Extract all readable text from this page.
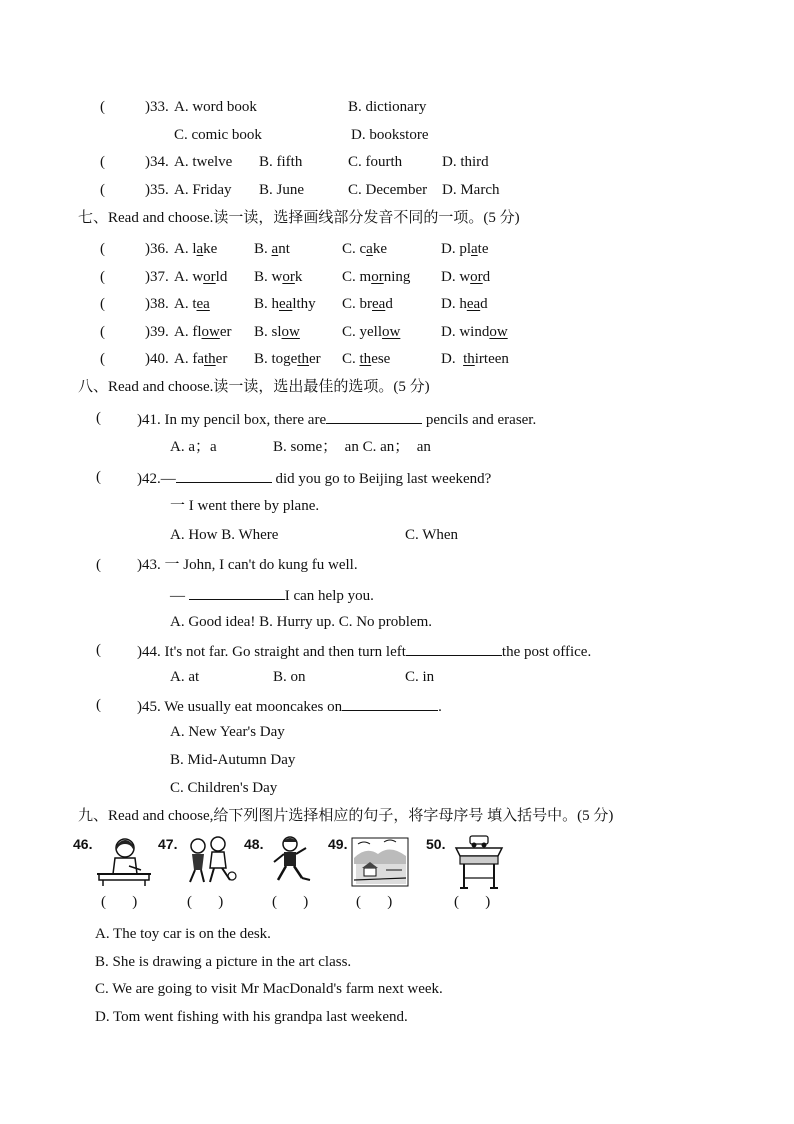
(	)33. A. word book	B. dictionary
C. comic book	D. bookstore
(	)34. A. twelve B. fifth	C. fourth	D. third
(	)35. A. Friday B. June	C. December D. March
七、Read and choose.读一读，选择画线部分发音不同的一项。(5 分)
(	)36. A. lake B. ant	C. cake	D. plate
(	)37. A. world B. work	C. morning D. word
(	)38. A. tea	B. healthy C. bread	D. head
(	)39. A. flower B. slow	C. yellow	D. window
(	)40. A. father B. together C. these	D.  thirteen
八、Read and choose.读一读，选出最佳的选项。(5 分)
( )41. In my pencil box, there are	pencils and eraser.
A. a；a	B. some；  an C. an；  an
( )42.—	did you go to Beijing last weekend?
一 I went there by plane.
A. How B. Where	C. When
( )43. 一 John, I can't do kung fu well.
—	I can help you.
A. Good idea! B. Hurry up. C. No problem.
( )44. It's not far. Go straight and then turn left	the post office.
A. at	B. on	C. in
( )45. We usually eat mooncakes on	.
A. New Year's Day
B. Mid-Autumn Day
C. Children's Day
九、Read and choose,给下列图片选择相应的句子，将字母序号 填入括号中。(5 分)
46.
(       )
47.
(       )
48.
(       )
49.
(       )
50.
(       )
A. The toy car is on the desk.
B. She is drawing a picture in the art class.
C. We are going to visit Mr MacDonald's farm next week.
D. Tom went fishing with his grandpa last weekend.
